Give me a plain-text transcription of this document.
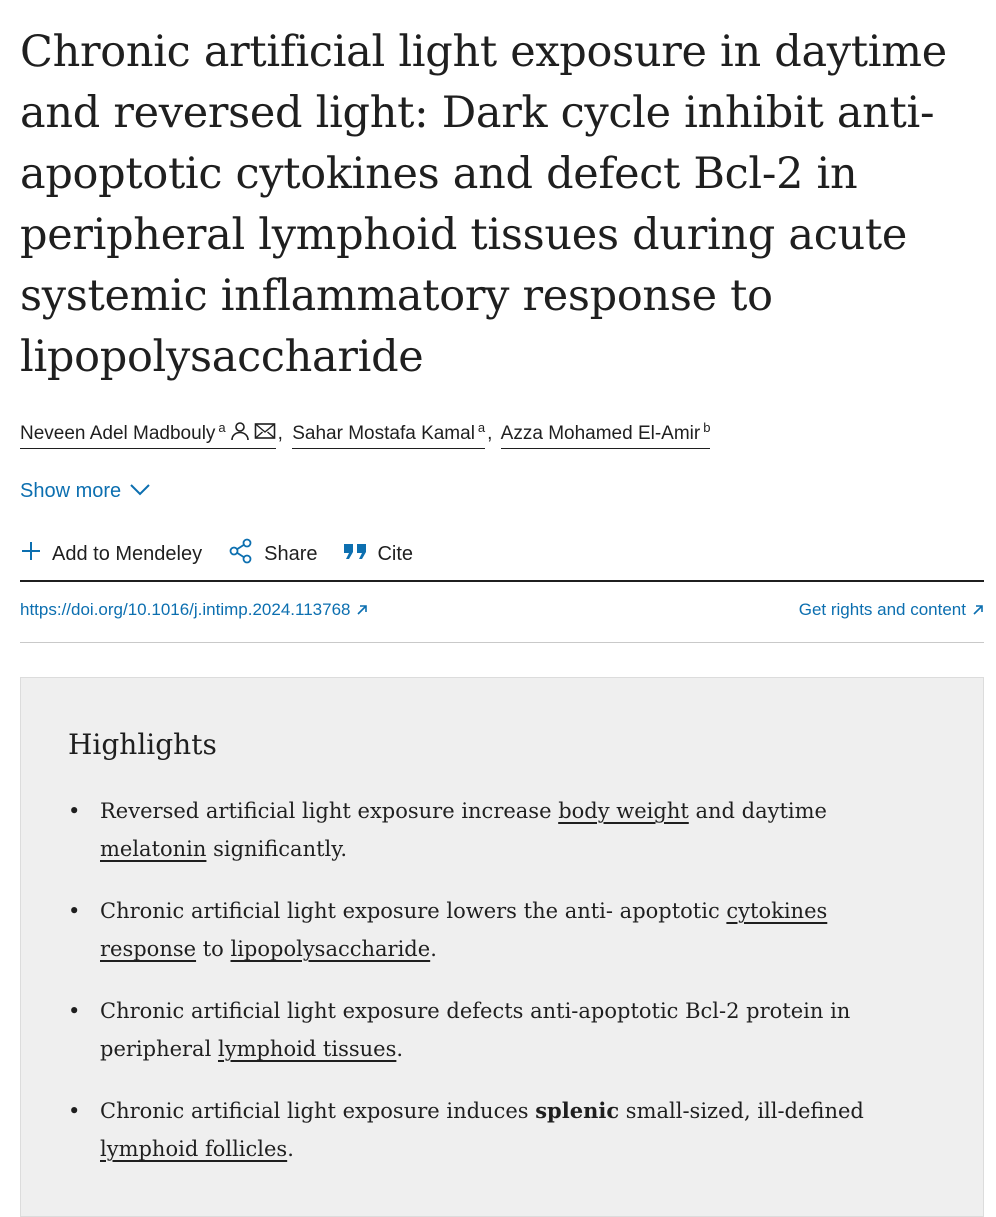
Chronic artificial light exposure in daytime and reversed light: Dark cycle inhibit anti-apoptotic cytokines and defect Bcl-2 in peripheral lymphoid tissues during acute systemic inflammatory response to lipopolysaccharide
Neveen Adel Madbouly $^a$	, Sahar Mostafa Kamal $^a$ , Azza Mohamed El-Amir $^b$
Show more
Add to Mendeley	Share	Cite
https://doi.org/10.1016/j.intimp.2024.113768	Get rights and content
Highlights
• Reversed artificial light exposure increase body weight and daytime melatonin significantly.
• Chronic artificial light exposure lowers the anti- apoptotic cytokines response to lipopolysaccharide.
• Chronic artificial light exposure defects anti-apoptotic Bcl-2 protein in peripheral lymphoid tissues.
• Chronic artificial light exposure induces splenic small-sized, ill-defined lymphoid follicles.
